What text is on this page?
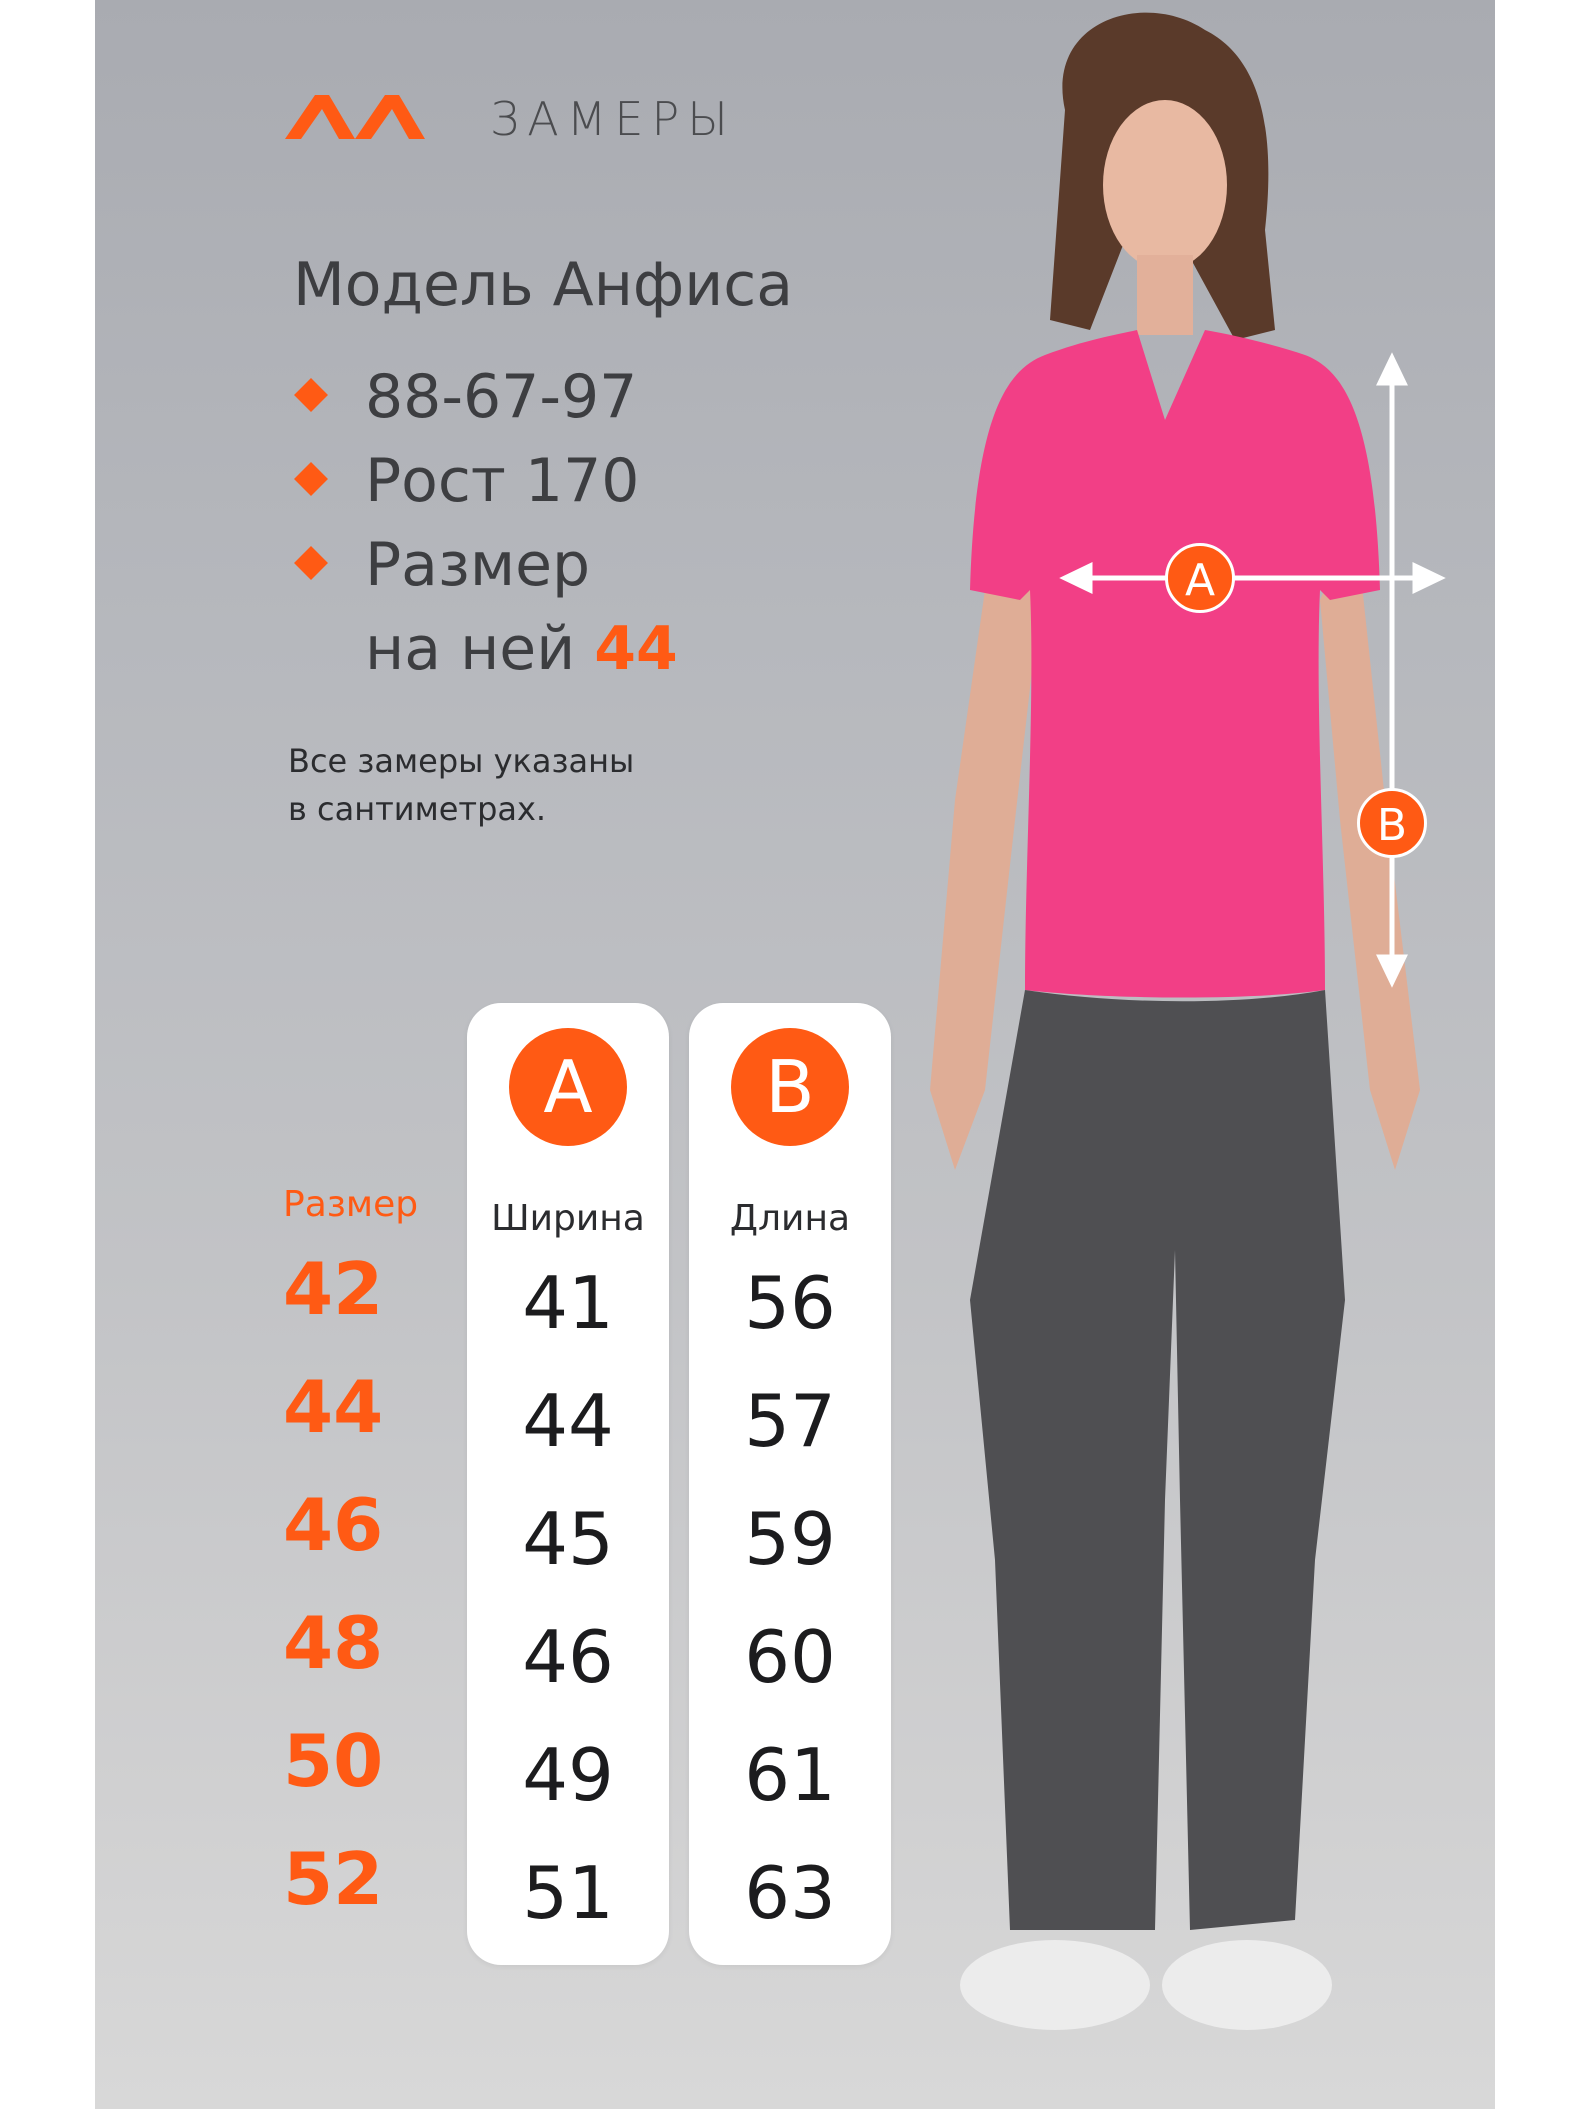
ЗАМЕРЫ
Модель Анфиса
88-67-97
Рост 170
Размер
на ней 44
Все замеры указаны
в сантиметрах.
Размер
42
44
46
48
50
52
A
Ширина
41
44
45
46
49
51
B
Длина
56
57
59
60
61
63
A
B
